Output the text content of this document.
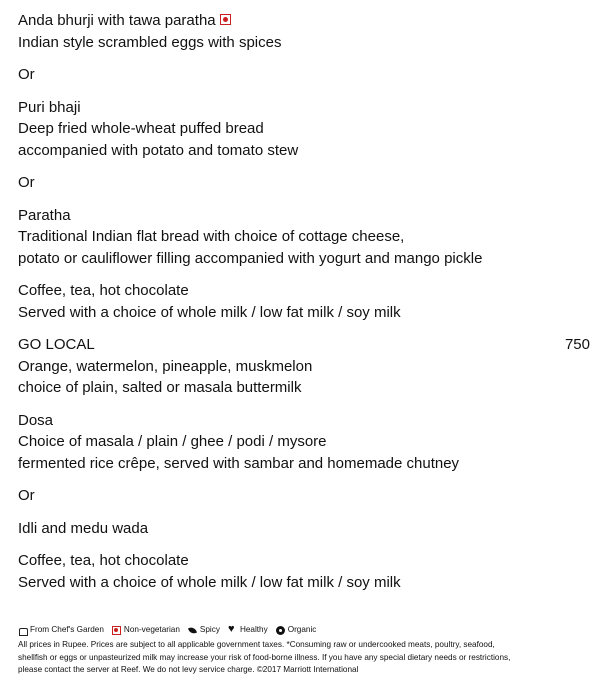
Anda bhurji with tawa paratha
Indian style scrambled eggs with spices
Or
Puri bhaji
Deep fried whole-wheat puffed bread
accompanied with potato and tomato stew
Or
Paratha
Traditional Indian flat bread with choice of cottage cheese,
potato or cauliflower filling accompanied with yogurt and mango pickle
Coffee, tea, hot chocolate
Served with a choice of whole milk / low fat milk / soy milk
GO LOCAL	750
Orange, watermelon, pineapple, muskmelon
choice of plain, salted or masala buttermilk
Dosa
Choice of masala / plain / ghee / podi / mysore
fermented rice crêpe, served with sambar and homemade chutney
Or
Idli and medu wada
Coffee, tea, hot chocolate
Served with a choice of whole milk / low fat milk / soy milk
From Chef's Garden Non-vegetarian Spicy
♥ Healthy Organic
All prices in Rupee. Prices are subject to all applicable government taxes. *Consuming raw or undercooked meats, poultry, seafood,
shellfish or eggs or unpasteurized milk may increase your risk of food-borne illness. If you have any special dietary needs or restrictions,
please contact the server at Reef. We do not levy service charge. ©2017 Marriott International
